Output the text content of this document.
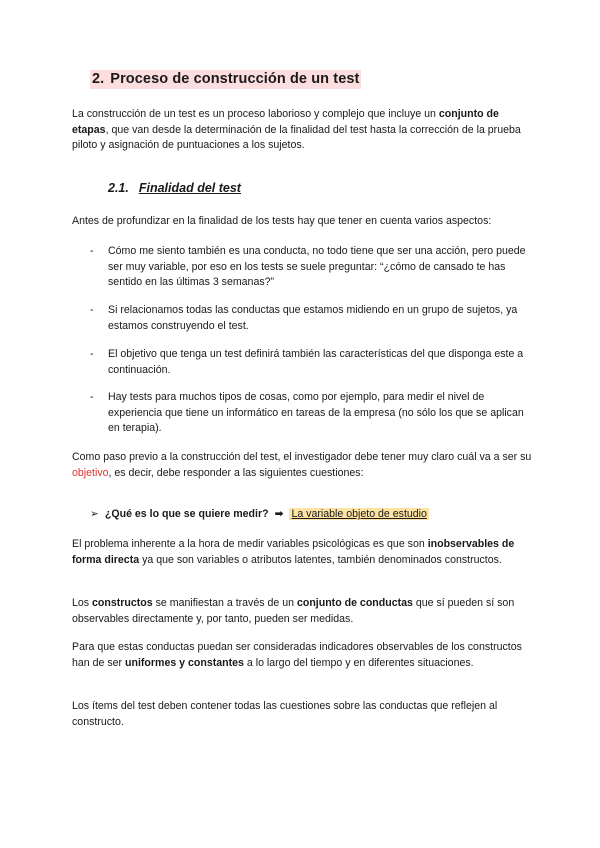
2. Proceso de construcción de un test

La construcción de un test es un proceso laborioso y complejo que incluye un conjunto de etapas, que van desde la determinación de la finalidad del test hasta la corrección de la prueba piloto y asignación de puntuaciones a los sujetos.

2.1. Finalidad del test

Antes de profundizar en la finalidad de los tests hay que tener en cuenta varios aspectos:

- Cómo me siento también es una conducta, no todo tiene que ser una acción, pero puede ser muy variable, por eso en los tests se suele preguntar: “¿cómo de cansado te has sentido en las últimas 3 semanas?”
- Si relacionamos todas las conductas que estamos midiendo en un grupo de sujetos, ya estamos construyendo el test.
- El objetivo que tenga un test definirá también las características del que disponga este a continuación.
- Hay tests para muchos tipos de cosas, como por ejemplo, para medir el nivel de experiencia que tiene un informático en tareas de la empresa (no sólo los que se aplican en terapia).

Como paso previo a la construcción del test, el investigador debe tener muy claro cuál va a ser su objetivo, es decir, debe responder a las siguientes cuestiones:

➢ ¿Qué es lo que se quiere medir? ➡ La variable objeto de estudio

El problema inherente a la hora de medir variables psicológicas es que son inobservables de forma directa ya que son variables o atributos latentes, también denominados constructos.

Los constructos se manifiestan a través de un conjunto de conductas que sí pueden sí son observables directamente y, por tanto, pueden ser medidas.

Para que estas conductas puedan ser consideradas indicadores observables de los constructos han de ser uniformes y constantes a lo largo del tiempo y en diferentes situaciones.

Los ítems del test deben contener todas las cuestiones sobre las conductas que reflejen al constructo.
